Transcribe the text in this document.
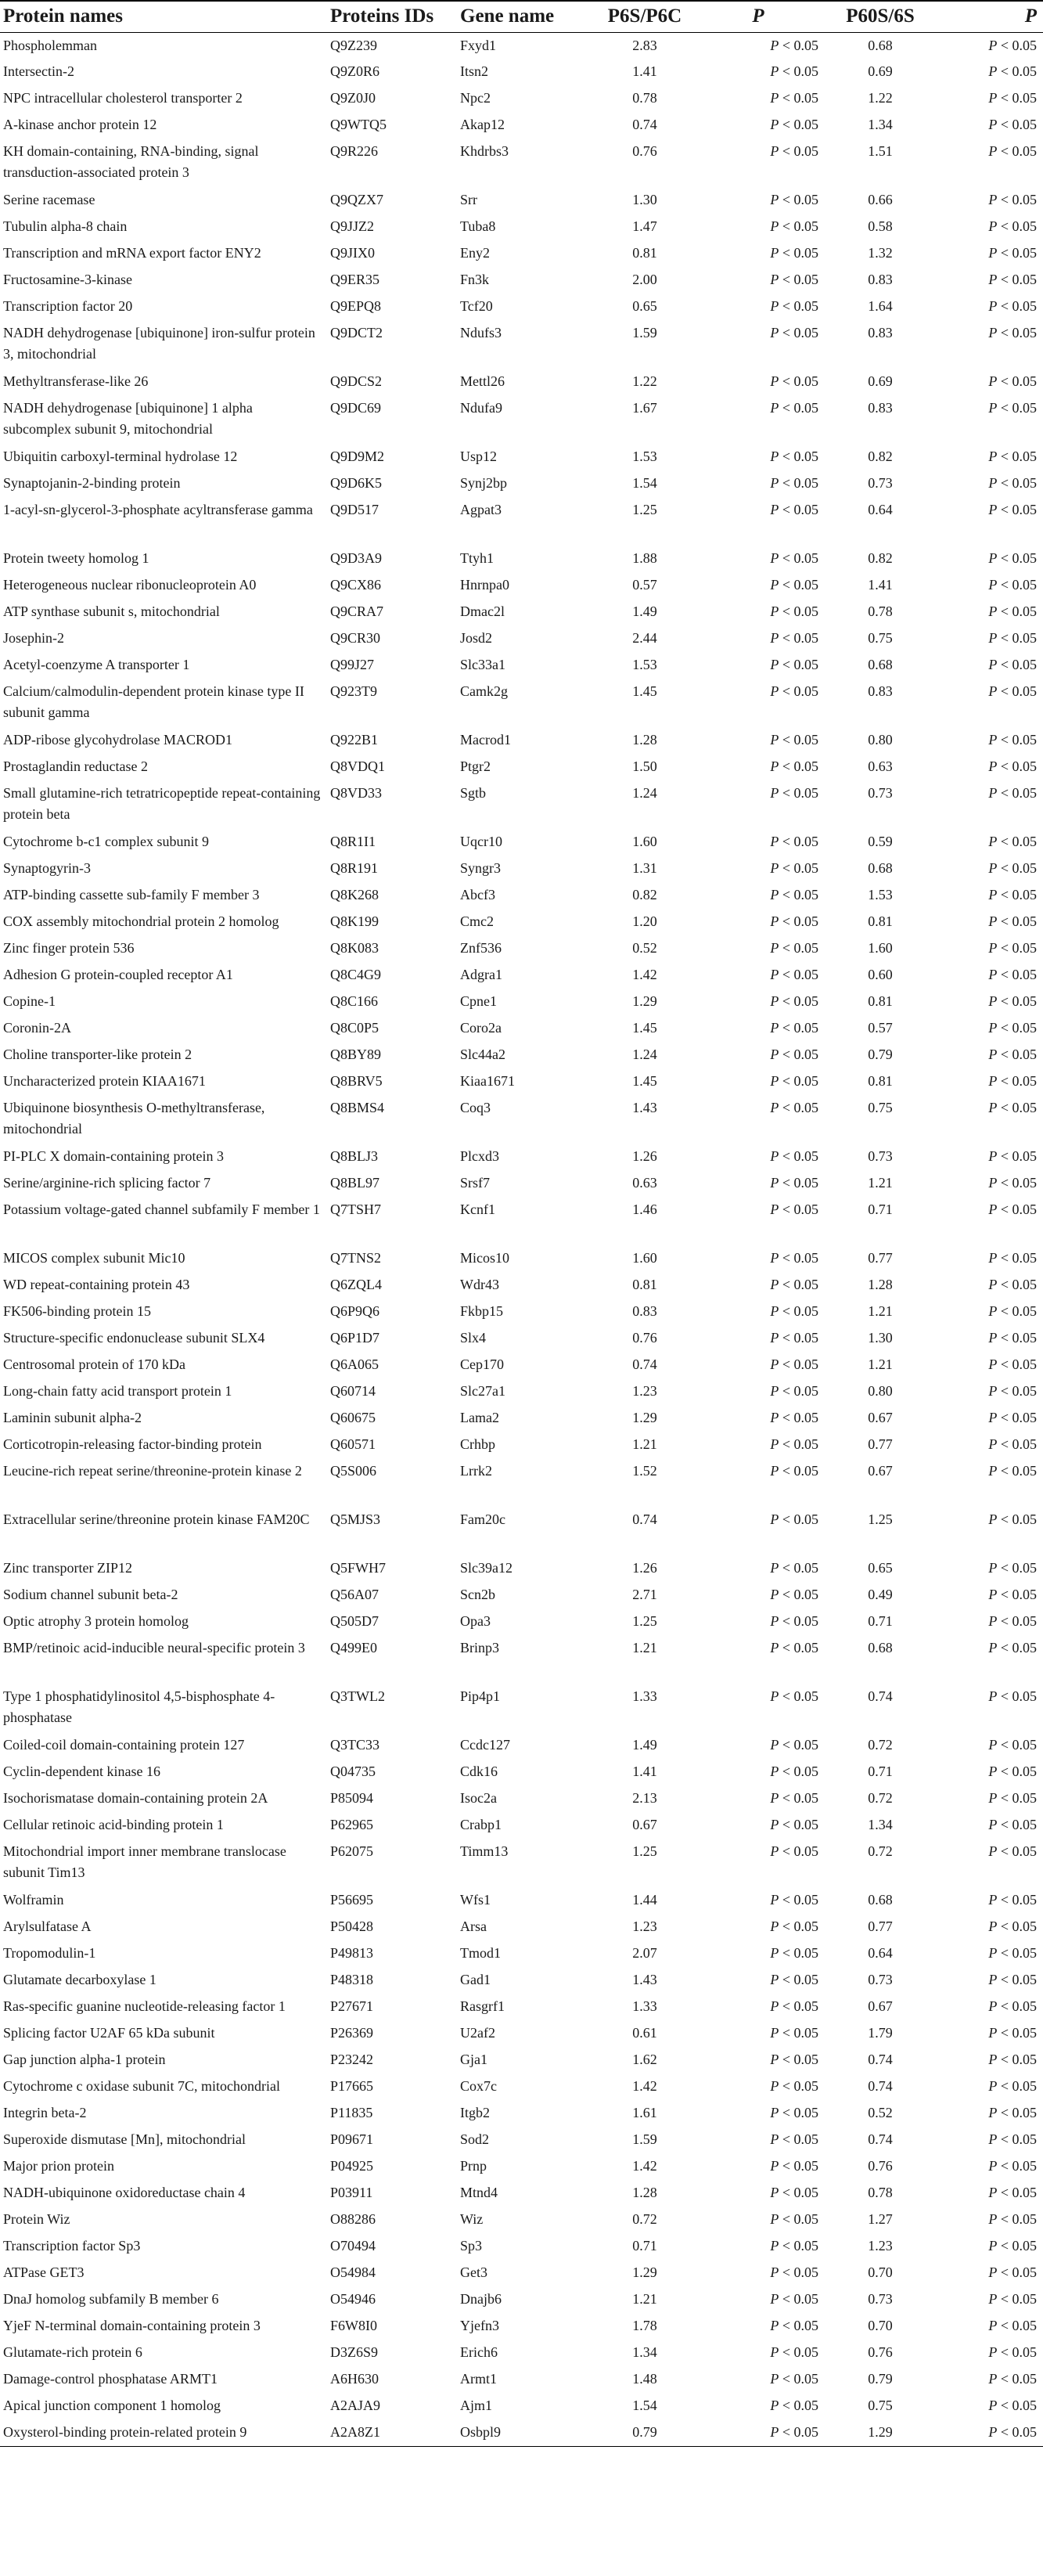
Protein names	Proteins IDs	Gene name	P6S/P6C	P	P60S/6S	P
Phospholemman	Q9Z239	Fxyd1	2.83	P < 0.05	0.68	P < 0.05
Intersectin-2	Q9Z0R6	Itsn2	1.41	P < 0.05	0.69	P < 0.05
NPC intracellular cholesterol transporter 2	Q9Z0J0	Npc2	0.78	P < 0.05	1.22	P < 0.05
A-kinase anchor protein 12	Q9WTQ5	Akap12	0.74	P < 0.05	1.34	P < 0.05
KH domain-containing, RNA-binding, signal transduction-associated protein 3	Q9R226	Khdrbs3	0.76	P < 0.05	1.51	P < 0.05
Serine racemase	Q9QZX7	Srr	1.30	P < 0.05	0.66	P < 0.05
Tubulin alpha-8 chain	Q9JJZ2	Tuba8	1.47	P < 0.05	0.58	P < 0.05
Transcription and mRNA export factor ENY2	Q9JIX0	Eny2	0.81	P < 0.05	1.32	P < 0.05
Fructosamine-3-kinase	Q9ER35	Fn3k	2.00	P < 0.05	0.83	P < 0.05
Transcription factor 20	Q9EPQ8	Tcf20	0.65	P < 0.05	1.64	P < 0.05
NADH dehydrogenase [ubiquinone] iron-sulfur protein 3, mitochondrial	Q9DCT2	Ndufs3	1.59	P < 0.05	0.83	P < 0.05
Methyltransferase-like 26	Q9DCS2	Mettl26	1.22	P < 0.05	0.69	P < 0.05
NADH dehydrogenase [ubiquinone] 1 alpha subcomplex subunit 9, mitochondrial	Q9DC69	Ndufa9	1.67	P < 0.05	0.83	P < 0.05
Ubiquitin carboxyl-terminal hydrolase 12	Q9D9M2	Usp12	1.53	P < 0.05	0.82	P < 0.05
Synaptojanin-2-binding protein	Q9D6K5	Synj2bp	1.54	P < 0.05	0.73	P < 0.05
1-acyl-sn-glycerol-3-phosphate acyltransferase gamma	Q9D517	Agpat3	1.25	P < 0.05	0.64	P < 0.05
Protein tweety homolog 1	Q9D3A9	Ttyh1	1.88	P < 0.05	0.82	P < 0.05
Heterogeneous nuclear ribonucleoprotein A0	Q9CX86	Hnrnpa0	0.57	P < 0.05	1.41	P < 0.05
ATP synthase subunit s, mitochondrial	Q9CRA7	Dmac2l	1.49	P < 0.05	0.78	P < 0.05
Josephin-2	Q9CR30	Josd2	2.44	P < 0.05	0.75	P < 0.05
Acetyl-coenzyme A transporter 1	Q99J27	Slc33a1	1.53	P < 0.05	0.68	P < 0.05
Calcium/calmodulin-dependent protein kinase type II subunit gamma	Q923T9	Camk2g	1.45	P < 0.05	0.83	P < 0.05
ADP-ribose glycohydrolase MACROD1	Q922B1	Macrod1	1.28	P < 0.05	0.80	P < 0.05
Prostaglandin reductase 2	Q8VDQ1	Ptgr2	1.50	P < 0.05	0.63	P < 0.05
Small glutamine-rich tetratricopeptide repeat-containing protein beta	Q8VD33	Sgtb	1.24	P < 0.05	0.73	P < 0.05
Cytochrome b-c1 complex subunit 9	Q8R1I1	Uqcr10	1.60	P < 0.05	0.59	P < 0.05
Synaptogyrin-3	Q8R191	Syngr3	1.31	P < 0.05	0.68	P < 0.05
ATP-binding cassette sub-family F member 3	Q8K268	Abcf3	0.82	P < 0.05	1.53	P < 0.05
COX assembly mitochondrial protein 2 homolog	Q8K199	Cmc2	1.20	P < 0.05	0.81	P < 0.05
Zinc finger protein 536	Q8K083	Znf536	0.52	P < 0.05	1.60	P < 0.05
Adhesion G protein-coupled receptor A1	Q8C4G9	Adgra1	1.42	P < 0.05	0.60	P < 0.05
Copine-1	Q8C166	Cpne1	1.29	P < 0.05	0.81	P < 0.05
Coronin-2A	Q8C0P5	Coro2a	1.45	P < 0.05	0.57	P < 0.05
Choline transporter-like protein 2	Q8BY89	Slc44a2	1.24	P < 0.05	0.79	P < 0.05
Uncharacterized protein KIAA1671	Q8BRV5	Kiaa1671	1.45	P < 0.05	0.81	P < 0.05
Ubiquinone biosynthesis O-methyltransferase, mitochondrial	Q8BMS4	Coq3	1.43	P < 0.05	0.75	P < 0.05
PI-PLC X domain-containing protein 3	Q8BLJ3	Plcxd3	1.26	P < 0.05	0.73	P < 0.05
Serine/arginine-rich splicing factor 7	Q8BL97	Srsf7	0.63	P < 0.05	1.21	P < 0.05
Potassium voltage-gated channel subfamily F member 1	Q7TSH7	Kcnf1	1.46	P < 0.05	0.71	P < 0.05
MICOS complex subunit Mic10	Q7TNS2	Micos10	1.60	P < 0.05	0.77	P < 0.05
WD repeat-containing protein 43	Q6ZQL4	Wdr43	0.81	P < 0.05	1.28	P < 0.05
FK506-binding protein 15	Q6P9Q6	Fkbp15	0.83	P < 0.05	1.21	P < 0.05
Structure-specific endonuclease subunit SLX4	Q6P1D7	Slx4	0.76	P < 0.05	1.30	P < 0.05
Centrosomal protein of 170 kDa	Q6A065	Cep170	0.74	P < 0.05	1.21	P < 0.05
Long-chain fatty acid transport protein 1	Q60714	Slc27a1	1.23	P < 0.05	0.80	P < 0.05
Laminin subunit alpha-2	Q60675	Lama2	1.29	P < 0.05	0.67	P < 0.05
Corticotropin-releasing factor-binding protein	Q60571	Crhbp	1.21	P < 0.05	0.77	P < 0.05
Leucine-rich repeat serine/threonine-protein kinase 2	Q5S006	Lrrk2	1.52	P < 0.05	0.67	P < 0.05
Extracellular serine/threonine protein kinase FAM20C	Q5MJS3	Fam20c	0.74	P < 0.05	1.25	P < 0.05
Zinc transporter ZIP12	Q5FWH7	Slc39a12	1.26	P < 0.05	0.65	P < 0.05
Sodium channel subunit beta-2	Q56A07	Scn2b	2.71	P < 0.05	0.49	P < 0.05
Optic atrophy 3 protein homolog	Q505D7	Opa3	1.25	P < 0.05	0.71	P < 0.05
BMP/retinoic acid-inducible neural-specific protein 3	Q499E0	Brinp3	1.21	P < 0.05	0.68	P < 0.05
Type 1 phosphatidylinositol 4,5-bisphosphate 4-phosphatase	Q3TWL2	Pip4p1	1.33	P < 0.05	0.74	P < 0.05
Coiled-coil domain-containing protein 127	Q3TC33	Ccdc127	1.49	P < 0.05	0.72	P < 0.05
Cyclin-dependent kinase 16	Q04735	Cdk16	1.41	P < 0.05	0.71	P < 0.05
Isochorismatase domain-containing protein 2A	P85094	Isoc2a	2.13	P < 0.05	0.72	P < 0.05
Cellular retinoic acid-binding protein 1	P62965	Crabp1	0.67	P < 0.05	1.34	P < 0.05
Mitochondrial import inner membrane translocase subunit Tim13	P62075	Timm13	1.25	P < 0.05	0.72	P < 0.05
Wolframin	P56695	Wfs1	1.44	P < 0.05	0.68	P < 0.05
Arylsulfatase A	P50428	Arsa	1.23	P < 0.05	0.77	P < 0.05
Tropomodulin-1	P49813	Tmod1	2.07	P < 0.05	0.64	P < 0.05
Glutamate decarboxylase 1	P48318	Gad1	1.43	P < 0.05	0.73	P < 0.05
Ras-specific guanine nucleotide-releasing factor 1	P27671	Rasgrf1	1.33	P < 0.05	0.67	P < 0.05
Splicing factor U2AF 65 kDa subunit	P26369	U2af2	0.61	P < 0.05	1.79	P < 0.05
Gap junction alpha-1 protein	P23242	Gja1	1.62	P < 0.05	0.74	P < 0.05
Cytochrome c oxidase subunit 7C, mitochondrial	P17665	Cox7c	1.42	P < 0.05	0.74	P < 0.05
Integrin beta-2	P11835	Itgb2	1.61	P < 0.05	0.52	P < 0.05
Superoxide dismutase [Mn], mitochondrial	P09671	Sod2	1.59	P < 0.05	0.74	P < 0.05
Major prion protein	P04925	Prnp	1.42	P < 0.05	0.76	P < 0.05
NADH-ubiquinone oxidoreductase chain 4	P03911	Mtnd4	1.28	P < 0.05	0.78	P < 0.05
Protein Wiz	O88286	Wiz	0.72	P < 0.05	1.27	P < 0.05
Transcription factor Sp3	O70494	Sp3	0.71	P < 0.05	1.23	P < 0.05
ATPase GET3	O54984	Get3	1.29	P < 0.05	0.70	P < 0.05
DnaJ homolog subfamily B member 6	O54946	Dnajb6	1.21	P < 0.05	0.73	P < 0.05
YjeF N-terminal domain-containing protein 3	F6W8I0	Yjefn3	1.78	P < 0.05	0.70	P < 0.05
Glutamate-rich protein 6	D3Z6S9	Erich6	1.34	P < 0.05	0.76	P < 0.05
Damage-control phosphatase ARMT1	A6H630	Armt1	1.48	P < 0.05	0.79	P < 0.05
Apical junction component 1 homolog	A2AJA9	Ajm1	1.54	P < 0.05	0.75	P < 0.05
Oxysterol-binding protein-related protein 9	A2A8Z1	Osbpl9	0.79	P < 0.05	1.29	P < 0.05
